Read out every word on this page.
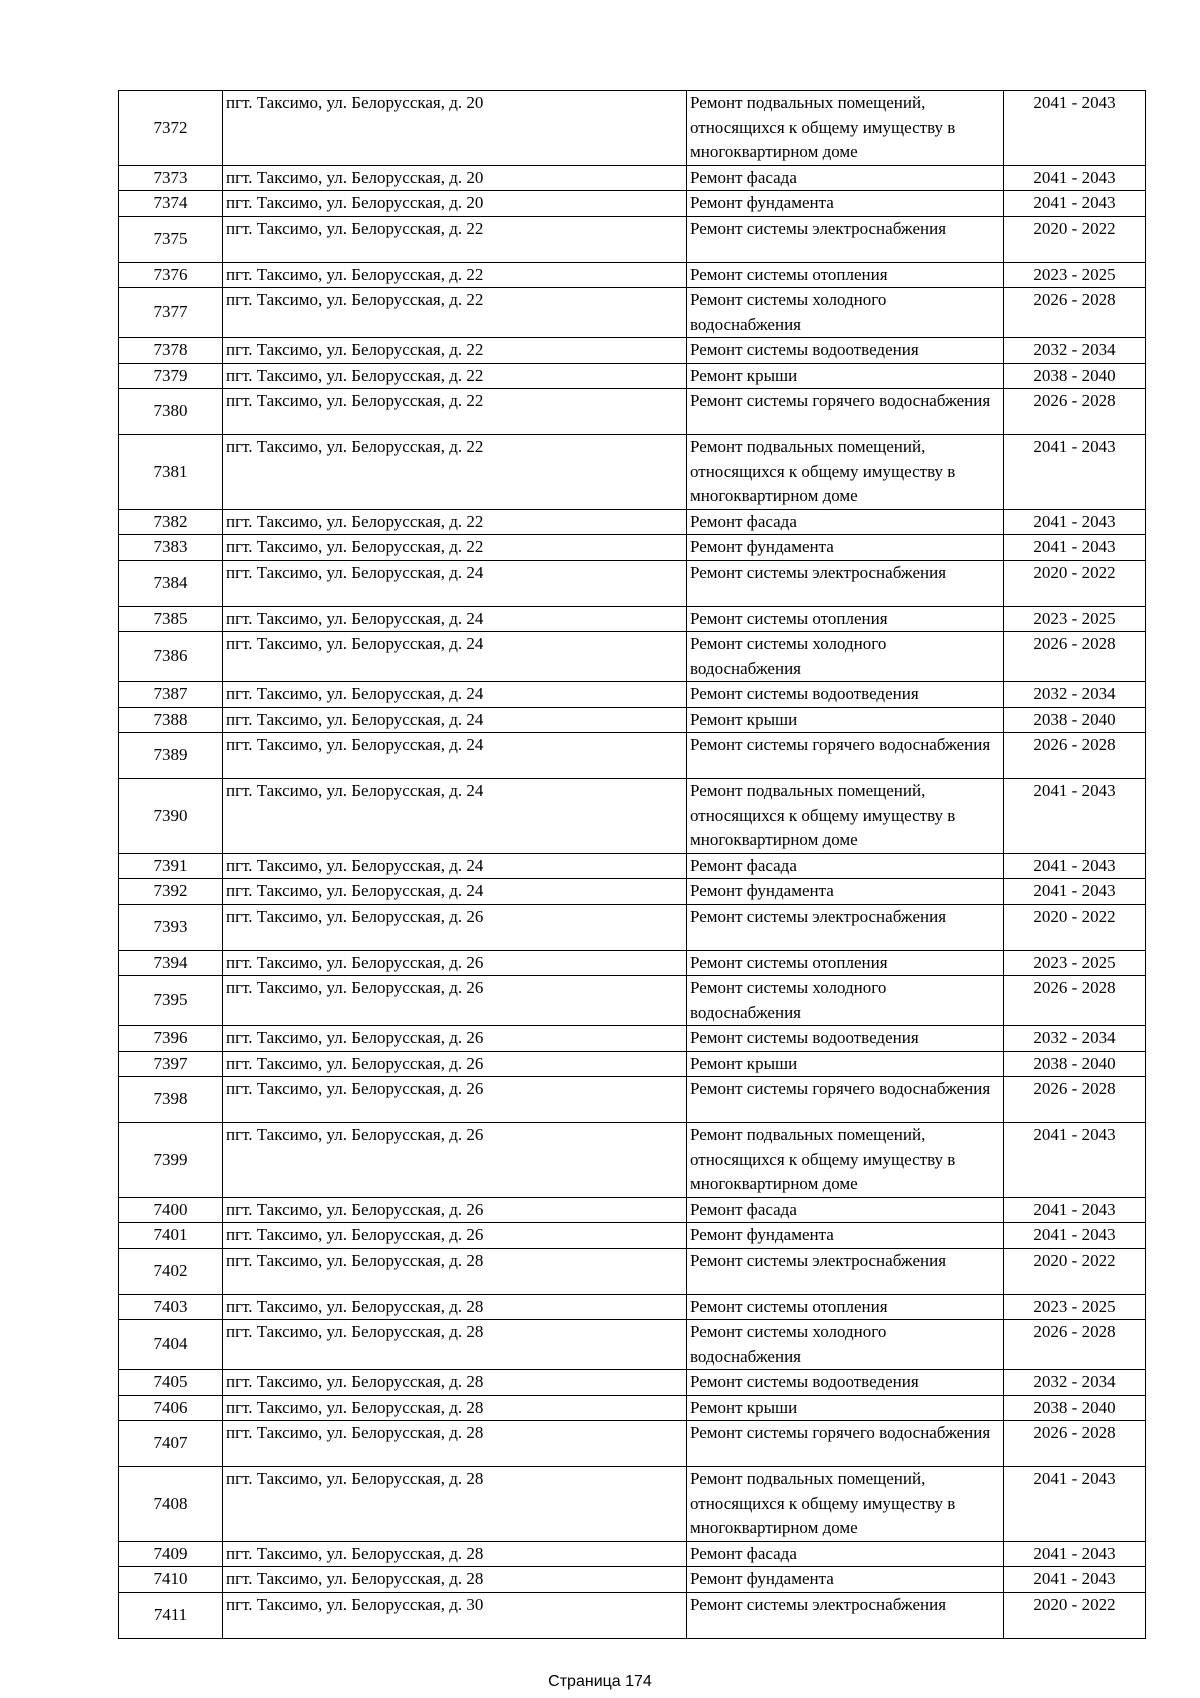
7372	пгт. Таксимо, ул. Белорусская, д. 20	Ремонт подвальных помещений, относящихся к общему имуществу в многоквартирном доме	2041 - 2043
7373	пгт. Таксимо, ул. Белорусская, д. 20	Ремонт фасада	2041 - 2043
7374	пгт. Таксимо, ул. Белорусская, д. 20	Ремонт фундамента	2041 - 2043
7375	пгт. Таксимо, ул. Белорусская, д. 22	Ремонт системы электроснабжения	2020 - 2022
7376	пгт. Таксимо, ул. Белорусская, д. 22	Ремонт системы отопления	2023 - 2025
7377	пгт. Таксимо, ул. Белорусская, д. 22	Ремонт системы холодного водоснабжения	2026 - 2028
7378	пгт. Таксимо, ул. Белорусская, д. 22	Ремонт системы водоотведения	2032 - 2034
7379	пгт. Таксимо, ул. Белорусская, д. 22	Ремонт крыши	2038 - 2040
7380	пгт. Таксимо, ул. Белорусская, д. 22	Ремонт системы горячего водоснабжения	2026 - 2028
7381	пгт. Таксимо, ул. Белорусская, д. 22	Ремонт подвальных помещений, относящихся к общему имуществу в многоквартирном доме	2041 - 2043
7382	пгт. Таксимо, ул. Белорусская, д. 22	Ремонт фасада	2041 - 2043
7383	пгт. Таксимо, ул. Белорусская, д. 22	Ремонт фундамента	2041 - 2043
7384	пгт. Таксимо, ул. Белорусская, д. 24	Ремонт системы электроснабжения	2020 - 2022
7385	пгт. Таксимо, ул. Белорусская, д. 24	Ремонт системы отопления	2023 - 2025
7386	пгт. Таксимо, ул. Белорусская, д. 24	Ремонт системы холодного водоснабжения	2026 - 2028
7387	пгт. Таксимо, ул. Белорусская, д. 24	Ремонт системы водоотведения	2032 - 2034
7388	пгт. Таксимо, ул. Белорусская, д. 24	Ремонт крыши	2038 - 2040
7389	пгт. Таксимо, ул. Белорусская, д. 24	Ремонт системы горячего водоснабжения	2026 - 2028
7390	пгт. Таксимо, ул. Белорусская, д. 24	Ремонт подвальных помещений, относящихся к общему имуществу в многоквартирном доме	2041 - 2043
7391	пгт. Таксимо, ул. Белорусская, д. 24	Ремонт фасада	2041 - 2043
7392	пгт. Таксимо, ул. Белорусская, д. 24	Ремонт фундамента	2041 - 2043
7393	пгт. Таксимо, ул. Белорусская, д. 26	Ремонт системы электроснабжения	2020 - 2022
7394	пгт. Таксимо, ул. Белорусская, д. 26	Ремонт системы отопления	2023 - 2025
7395	пгт. Таксимо, ул. Белорусская, д. 26	Ремонт системы холодного водоснабжения	2026 - 2028
7396	пгт. Таксимо, ул. Белорусская, д. 26	Ремонт системы водоотведения	2032 - 2034
7397	пгт. Таксимо, ул. Белорусская, д. 26	Ремонт крыши	2038 - 2040
7398	пгт. Таксимо, ул. Белорусская, д. 26	Ремонт системы горячего водоснабжения	2026 - 2028
7399	пгт. Таксимо, ул. Белорусская, д. 26	Ремонт подвальных помещений, относящихся к общему имуществу в многоквартирном доме	2041 - 2043
7400	пгт. Таксимо, ул. Белорусская, д. 26	Ремонт фасада	2041 - 2043
7401	пгт. Таксимо, ул. Белорусская, д. 26	Ремонт фундамента	2041 - 2043
7402	пгт. Таксимо, ул. Белорусская, д. 28	Ремонт системы электроснабжения	2020 - 2022
7403	пгт. Таксимо, ул. Белорусская, д. 28	Ремонт системы отопления	2023 - 2025
7404	пгт. Таксимо, ул. Белорусская, д. 28	Ремонт системы холодного водоснабжения	2026 - 2028
7405	пгт. Таксимо, ул. Белорусская, д. 28	Ремонт системы водоотведения	2032 - 2034
7406	пгт. Таксимо, ул. Белорусская, д. 28	Ремонт крыши	2038 - 2040
7407	пгт. Таксимо, ул. Белорусская, д. 28	Ремонт системы горячего водоснабжения	2026 - 2028
7408	пгт. Таксимо, ул. Белорусская, д. 28	Ремонт подвальных помещений, относящихся к общему имуществу в многоквартирном доме	2041 - 2043
7409	пгт. Таксимо, ул. Белорусская, д. 28	Ремонт фасада	2041 - 2043
7410	пгт. Таксимо, ул. Белорусская, д. 28	Ремонт фундамента	2041 - 2043
7411	пгт. Таксимо, ул. Белорусская, д. 30	Ремонт системы электроснабжения	2020 - 2022
Страница 174
